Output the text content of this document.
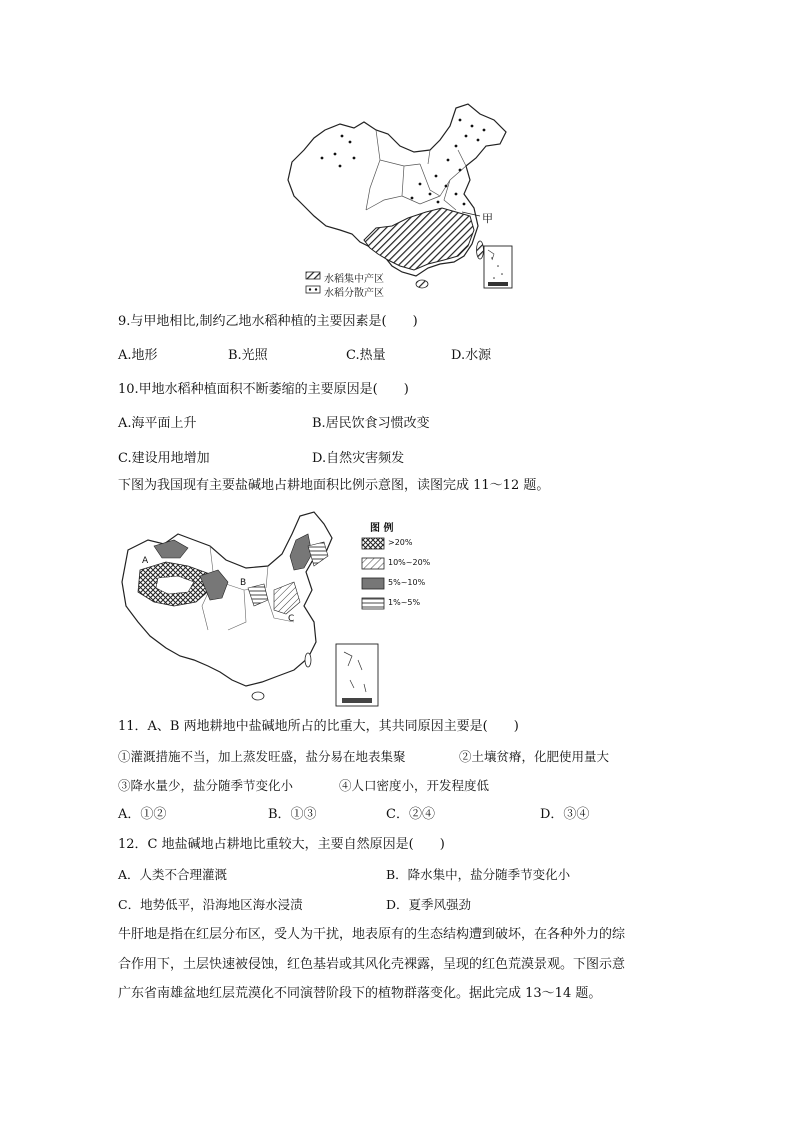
甲
水稻集中产区
水稻分散产区
9.与甲地相比,制约乙地水稻种植的主要因素是(　　)
A.地形	B.光照	C.热量	D.水源
10.甲地水稻种植面积不断萎缩的主要原因是(　　)
A.海平面上升	B.居民饮食习惯改变
C.建设用地增加	D.自然灾害频发
下图为我国现有主要盐碱地占耕地面积比例示意图，读图完成 11～12 题。
图 例
>20%
10%~20%
5%~10%
1%~5%
A
B
C
11．A、B 两地耕地中盐碱地所占的比重大，其共同原因主要是(　　)
①灌溉措施不当，加上蒸发旺盛，盐分易在地表集聚	②土壤贫瘠，化肥使用量大
③降水量少，盐分随季节变化小	④人口密度小，开发程度低
A．①②	B．①③	C．②④	D．③④
12．C 地盐碱地占耕地比重较大，主要自然原因是(　　)
A．人类不合理灌溉	B．降水集中，盐分随季节变化小
C．地势低平，沿海地区海水浸渍	D．夏季风强劲
牛肝地是指在红层分布区，受人为干扰，地表原有的生态结构遭到破坏，在各种外力的综
合作用下，土层快速被侵蚀，红色基岩或其风化壳裸露，呈现的红色荒漠景观。下图示意
广东省南雄盆地红层荒漠化不同演替阶段下的植物群落变化。据此完成 13～14 题。
